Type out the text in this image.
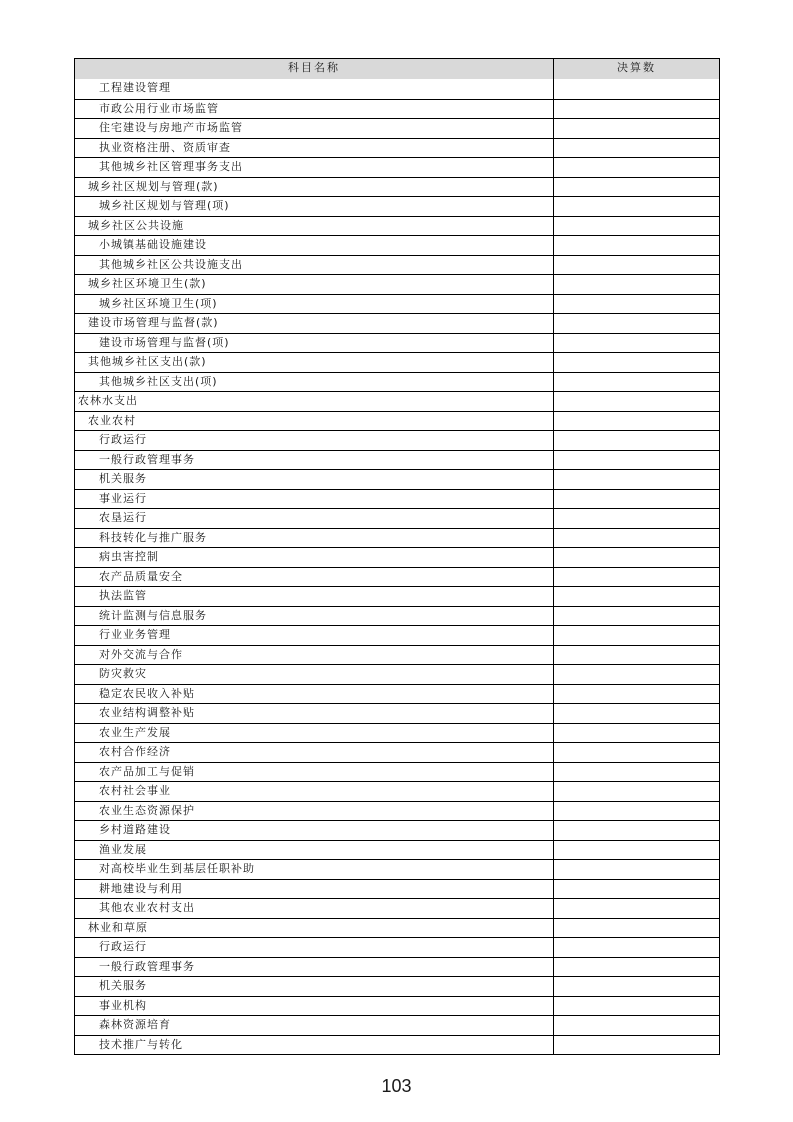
科目名称	决算数
工程建设管理
市政公用行业市场监管
住宅建设与房地产市场监管
执业资格注册、资质审查
其他城乡社区管理事务支出
城乡社区规划与管理(款)
城乡社区规划与管理(项)
城乡社区公共设施
小城镇基础设施建设
其他城乡社区公共设施支出
城乡社区环境卫生(款)
城乡社区环境卫生(项)
建设市场管理与监督(款)
建设市场管理与监督(项)
其他城乡社区支出(款)
其他城乡社区支出(项)
农林水支出
农业农村
行政运行
一般行政管理事务
机关服务
事业运行
农垦运行
科技转化与推广服务
病虫害控制
农产品质量安全
执法监管
统计监测与信息服务
行业业务管理
对外交流与合作
防灾救灾
稳定农民收入补贴
农业结构调整补贴
农业生产发展
农村合作经济
农产品加工与促销
农村社会事业
农业生态资源保护
乡村道路建设
渔业发展
对高校毕业生到基层任职补助
耕地建设与利用
其他农业农村支出
林业和草原
行政运行
一般行政管理事务
机关服务
事业机构
森林资源培育
技术推广与转化
103
